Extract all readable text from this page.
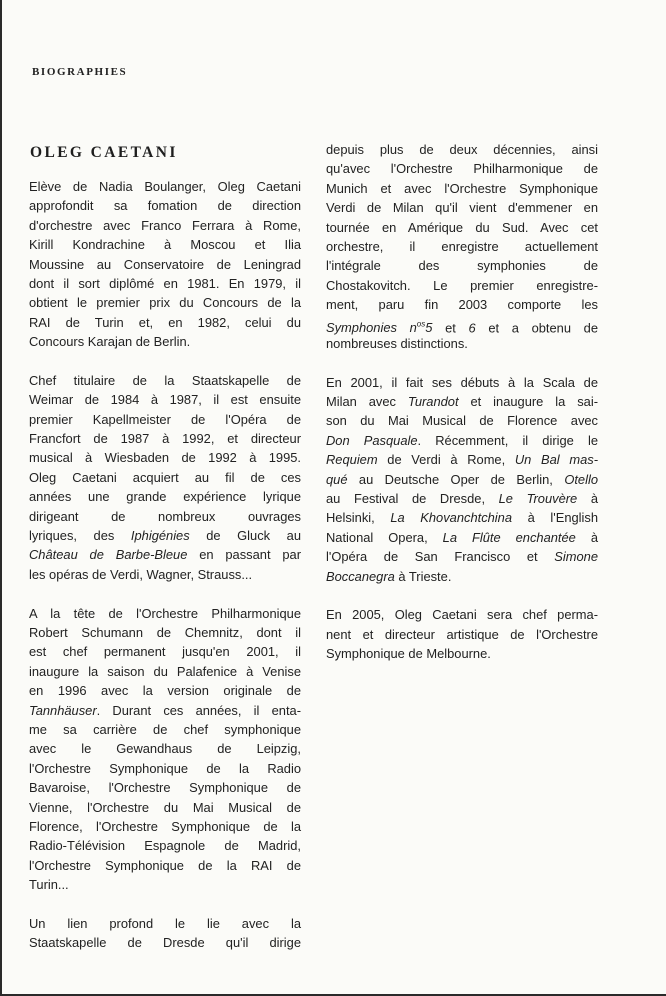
BIOGRAPHIES
OLEG CAETANI
Elève de Nadia Boulanger, Oleg Caetani
approfondit sa fomation de direction
d'orchestre avec Franco Ferrara à Rome,
Kirill Kondrachine à Moscou et Ilia
Moussine au Conservatoire de Leningrad
dont il sort diplômé en 1981. En 1979, il
obtient le premier prix du Concours de la
RAI de Turin et, en 1982, celui du
Concours Karajan de Berlin.
Chef titulaire de la Staatskapelle de
Weimar de 1984 à 1987, il est ensuite
premier Kapellmeister de l'Opéra de
Francfort de 1987 à 1992, et directeur
musical à Wiesbaden de 1992 à 1995.
Oleg Caetani acquiert au fil de ces
années une grande expérience lyrique
dirigeant de nombreux ouvrages
lyriques, des Iphigénies de Gluck au
Château de Barbe-Bleue en passant par
les opéras de Verdi, Wagner, Strauss...
A la tête de l'Orchestre Philharmonique
Robert Schumann de Chemnitz, dont il
est chef permanent jusqu'en 2001, il
inaugure la saison du Palafenice à Venise
en 1996 avec la version originale de
Tannhäuser. Durant ces années, il enta-
me sa carrière de chef symphonique
avec le Gewandhaus de Leipzig,
l'Orchestre Symphonique de la Radio
Bavaroise, l'Orchestre Symphonique de
Vienne, l'Orchestre du Mai Musical de
Florence, l'Orchestre Symphonique de la
Radio-Télévision Espagnole de Madrid,
l'Orchestre Symphonique de la RAI de
Turin...
Un lien profond le lie avec la
Staatskapelle de Dresde qu'il dirige
depuis plus de deux décennies, ainsi
qu'avec l'Orchestre Philharmonique de
Munich et avec l'Orchestre Symphonique
Verdi de Milan qu'il vient d'emmener en
tournée en Amérique du Sud. Avec cet
orchestre, il enregistre actuellement
l'intégrale des symphonies de
Chostakovitch. Le premier enregistre-
ment, paru fin 2003 comporte les
Symphonies $n^{os}5$ et 6 et a obtenu de
nombreuses distinctions.
En 2001, il fait ses débuts à la Scala de
Milan avec Turandot et inaugure la sai-
son du Mai Musical de Florence avec
Don Pasquale. Récemment, il dirige le
Requiem de Verdi à Rome, Un Bal mas-
qué au Deutsche Oper de Berlin, Otello
au Festival de Dresde, Le Trouvère à
Helsinki, La Khovanchtchina à l'English
National Opera, La Flûte enchantée à
l'Opéra de San Francisco et Simone
Boccanegra à Trieste.
En 2005, Oleg Caetani sera chef perma-
nent et directeur artistique de l'Orchestre
Symphonique de Melbourne.
